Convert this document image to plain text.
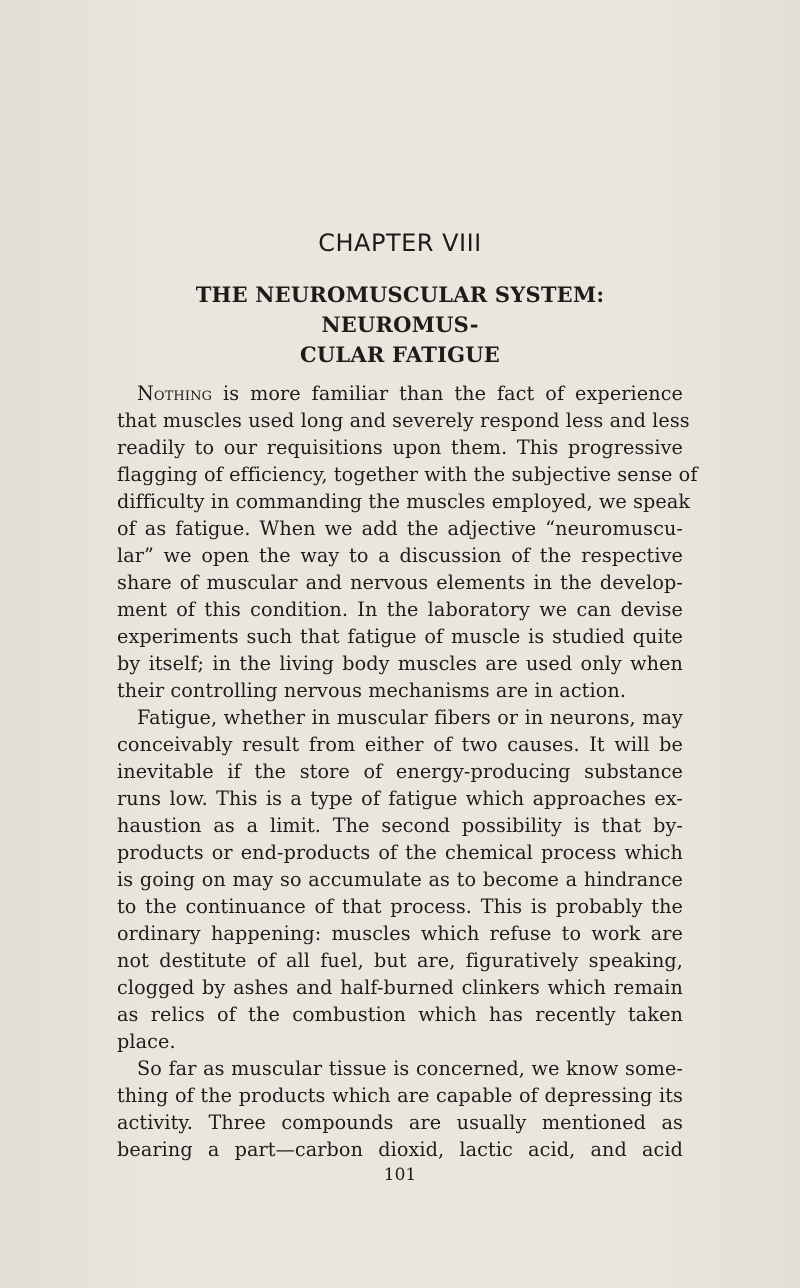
CHAPTER VIII
THE NEUROMUSCULAR SYSTEM: NEUROMUS-
CULAR FATIGUE

Nothing is more familiar than the fact of experience
that muscles used long and severely respond less and less
readily to our requisitions upon them. This progressive
flagging of efficiency, together with the subjective sense of
difficulty in commanding the muscles employed, we speak
of as fatigue. When we add the adjective “neuromuscu-
lar” we open the way to a discussion of the respective
share of muscular and nervous elements in the develop-
ment of this condition. In the laboratory we can devise
experiments such that fatigue of muscle is studied quite
by itself; in the living body muscles are used only when
their controlling nervous mechanisms are in action.

Fatigue, whether in muscular fibers or in neurons, may
conceivably result from either of two causes. It will be
inevitable if the store of energy-producing substance
runs low. This is a type of fatigue which approaches ex-
haustion as a limit. The second possibility is that by-
products or end-products of the chemical process which
is going on may so accumulate as to become a hindrance
to the continuance of that process. This is probably the
ordinary happening: muscles which refuse to work are
not destitute of all fuel, but are, figuratively speaking,
clogged by ashes and half-burned clinkers which remain
as relics of the combustion which has recently taken
place.

So far as muscular tissue is concerned, we know some-
thing of the products which are capable of depressing its
activity. Three compounds are usually mentioned as
bearing a part—carbon dioxid, lactic acid, and acid

101
